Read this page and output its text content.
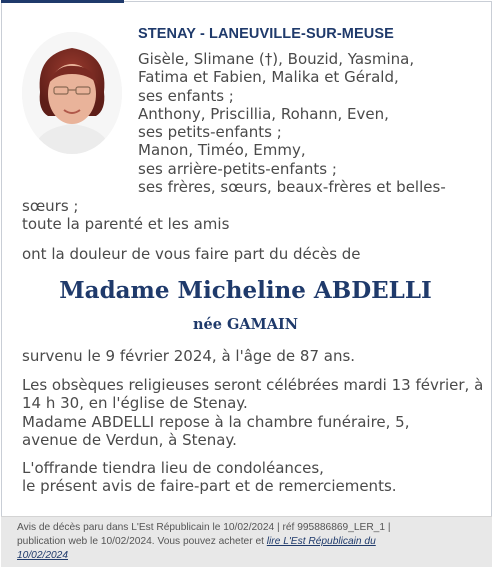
STENAY - LANEUVILLE-SUR-MEUSE
Gisèle, Slimane (†), Bouzid, Yasmina,
Fatima et Fabien, Malika et Gérald,
ses enfants ;
Anthony, Priscillia, Rohann, Even,
ses petits-enfants ;
Manon, Timéo, Emmy,
ses arrière-petits-enfants ;
ses frères, sœurs, beaux-frères et belles-
sœurs ;
toute la parenté et les amis
ont la douleur de vous faire part du décès de
Madame Micheline ABDELLI
née GAMAIN
survenu le 9 février 2024, à l'âge de 87 ans.
Les obsèques religieuses seront célébrées mardi 13 février, à
14 h 30, en l'église de Stenay.
Madame ABDELLI repose à la chambre funéraire, 5,
avenue de Verdun, à Stenay.
L'offrande tiendra lieu de condoléances,
le présent avis de faire-part et de remerciements.
Avis de décès paru dans L'Est Républicain le 10/02/2024 | réf 995886869_LER_1 |
publication web le 10/02/2024. Vous pouvez acheter et lire L'Est Républicain du
10/02/2024
